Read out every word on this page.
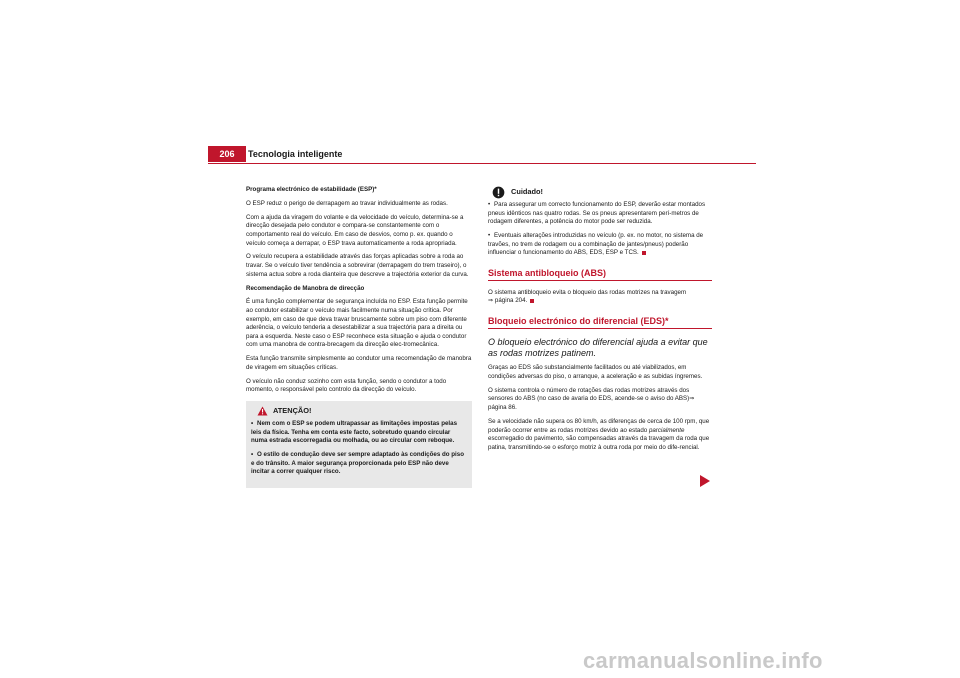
206	Tecnologia inteligente

Programa electrónico de estabilidade (ESP)*

O ESP reduz o perigo de derrapagem ao travar individualmente as rodas.

Com a ajuda da viragem do volante e da velocidade do veículo, determina-se a direcção desejada pelo condutor e compara-se constantemente com o comportamento real do veículo. Em caso de desvios, como p. ex. quando o veículo começa a derrapar, o ESP trava automaticamente a roda apropriada.

O veículo recupera a estabilidade através das forças aplicadas sobre a roda ao travar. Se o veículo tiver tendência a sobrevirar (derrapagem do trem traseiro), o sistema actua sobre a roda dianteira que descreve a trajectória exterior da curva.

Recomendação de Manobra de direcção

É uma função complementar de segurança incluída no ESP. Esta função permite ao condutor estabilizar o veículo mais facilmente numa situação crítica. Por exemplo, em caso de que deva travar bruscamente sobre um piso com diferente aderência, o veículo tenderia a desestabilizar a sua trajectória para a direita ou para a esquerda. Neste caso o ESP reconhece esta situação e ajuda o condutor com uma manobra de contra-brecagem da direcção elec-tromecânica.

Esta função transmite simplesmente ao condutor uma recomendação de manobra de viragem em situações críticas.

O veículo não conduz sozinho com esta função, sendo o condutor a todo momento, o responsável pelo controlo da direcção do veículo.

ATENÇÃO!

• Nem com o ESP se podem ultrapassar as limitações impostas pelas leis da física. Tenha em conta este facto, sobretudo quando circular numa estrada escorregadia ou molhada, ou ao circular com reboque.

• O estilo de condução deve ser sempre adaptado às condições do piso e do trânsito. A maior segurança proporcionada pelo ESP não deve incitar a correr qualquer risco.

Cuidado!

• Para assegurar um correcto funcionamento do ESP, deverão estar montados pneus idênticos nas quatro rodas. Se os pneus apresentarem perí-metros de rodagem diferentes, a potência do motor pode ser reduzida.

• Eventuais alterações introduzidas no veículo (p. ex. no motor, no sistema de travões, no trem de rodagem ou a combinação de jantes/pneus) poderão influenciar o funcionamento do ABS, EDS, ESP e TCS.

Sistema antibloqueio (ABS)

O sistema antibloqueio evita o bloqueio das rodas motrizes na travagem
⇒ página 204.

Bloqueio electrónico do diferencial (EDS)*

O bloqueio electrónico do diferencial ajuda a evitar que as rodas motrizes patinem.

Graças ao EDS são substancialmente facilitados ou até viabilizados, em condições adversas do piso, o arranque, a aceleração e as subidas íngremes.

O sistema controla o número de rotações das rodas motrizes através dos sensores do ABS (no caso de avaria do EDS, acende-se o aviso do ABS)⇒ página 86.

Se a velocidade não supera os 80 km/h, as diferenças de cerca de 100 rpm, que poderão ocorrer entre as rodas motrizes devido ao estado parcialmente escorregadio do pavimento, são compensadas através da travagem da roda que patina, transmitindo-se o esforço motriz à outra roda por meio do dife-rencial.

carmanualsonline.info
